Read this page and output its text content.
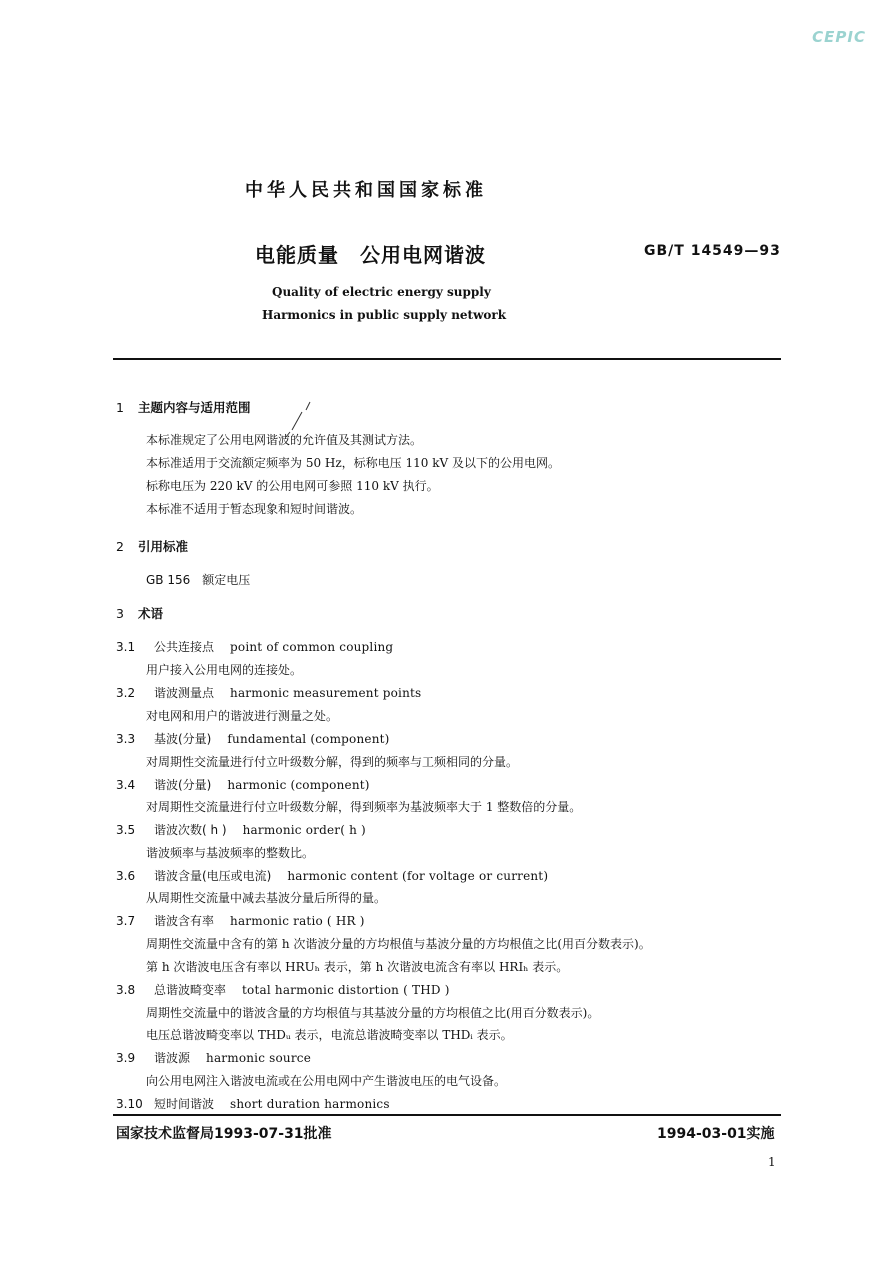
CEPIC
中华人民共和国国家标准
电能质量　公用电网谐波	GB/T 14549—93
Quality of electric energy supply
Harmonics in public supply network
1 主题内容与适用范围
本标准规定了公用电网谐波的允许值及其测试方法。
本标准适用于交流额定频率为 50 Hz，标称电压 110 kV 及以下的公用电网。
标称电压为 220 kV 的公用电网可参照 110 kV 执行。
本标准不适用于暂态现象和短时间谐波。
2 引用标准
GB 156　额定电压
3 术语
3.1 公共连接点 point of common coupling
用户接入公用电网的连接处。
3.2 谐波测量点 harmonic measurement points
对电网和用户的谐波进行测量之处。
3.3 基波(分量) fundamental (component)
对周期性交流量进行付立叶级数分解，得到的频率与工频相同的分量。
3.4 谐波(分量) harmonic (component)
对周期性交流量进行付立叶级数分解，得到频率为基波频率大于 1 整数倍的分量。
3.5 谐波次数( h ) harmonic order( h )
谐波频率与基波频率的整数比。
3.6 谐波含量(电压或电流) harmonic content (for voltage or current)
从周期性交流量中减去基波分量后所得的量。
3.7 谐波含有率 harmonic ratio ( HR )
周期性交流量中含有的第 h 次谐波分量的方均根值与基波分量的方均根值之比(用百分数表示)。
第 h 次谐波电压含有率以 HRUₕ 表示，第 h 次谐波电流含有率以 HRIₕ 表示。
3.8 总谐波畸变率 total harmonic distortion ( THD )
周期性交流量中的谐波含量的方均根值与其基波分量的方均根值之比(用百分数表示)。
电压总谐波畸变率以 THDᵤ 表示，电流总谐波畸变率以 THDᵢ 表示。
3.9 谐波源 harmonic source
向公用电网注入谐波电流或在公用电网中产生谐波电压的电气设备。
3.10 短时间谐波 short duration harmonics
国家技术监督局1993-07-31批准	1994-03-01实施
1
